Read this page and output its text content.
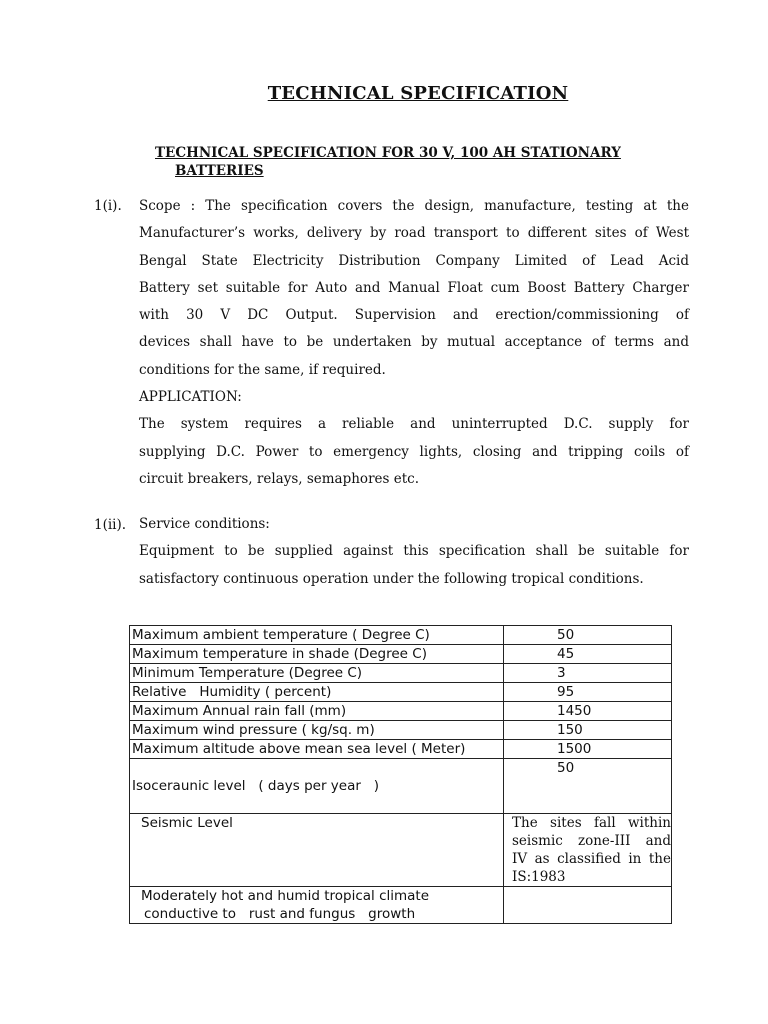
TECHNICAL SPECIFICATION
TECHNICAL SPECIFICATION FOR 30 V, 100 AH STATIONARY
BATTERIES
1(i). Scope : The specification covers the design, manufacture, testing at the
Manufacturer’s works, delivery by road transport to different sites of West
Bengal State Electricity Distribution Company Limited of Lead Acid
Battery set suitable for Auto and Manual Float cum Boost Battery Charger
with 30 V DC Output. Supervision and erection/commissioning of
devices shall have to be undertaken by mutual acceptance of terms and
conditions for the same, if required.
APPLICATION:
The system requires a reliable and uninterrupted D.C. supply for
supplying D.C. Power to emergency lights, closing and tripping coils of
circuit breakers, relays, semaphores etc.
1(ii). Service conditions:
Equipment to be supplied against this specification shall be suitable for
satisfactory continuous operation under the following tropical conditions.
Maximum ambient temperature ( Degree C)	50
Maximum temperature in shade (Degree C)	45
Minimum Temperature (Degree C)	3
Relative   Humidity ( percent)	95
Maximum Annual rain fall (mm)	1450
Maximum wind pressure ( kg/sq. m)	150
Maximum altitude above mean sea level ( Meter)	1500
Isoceraunic level   ( days per year   )	50
Seismic Level	The sites fall within
seismic zone-III and
IV as classified in the
IS:1983

Moderately hot and humid tropical climate
conductive to   rust and fungus   growth	
